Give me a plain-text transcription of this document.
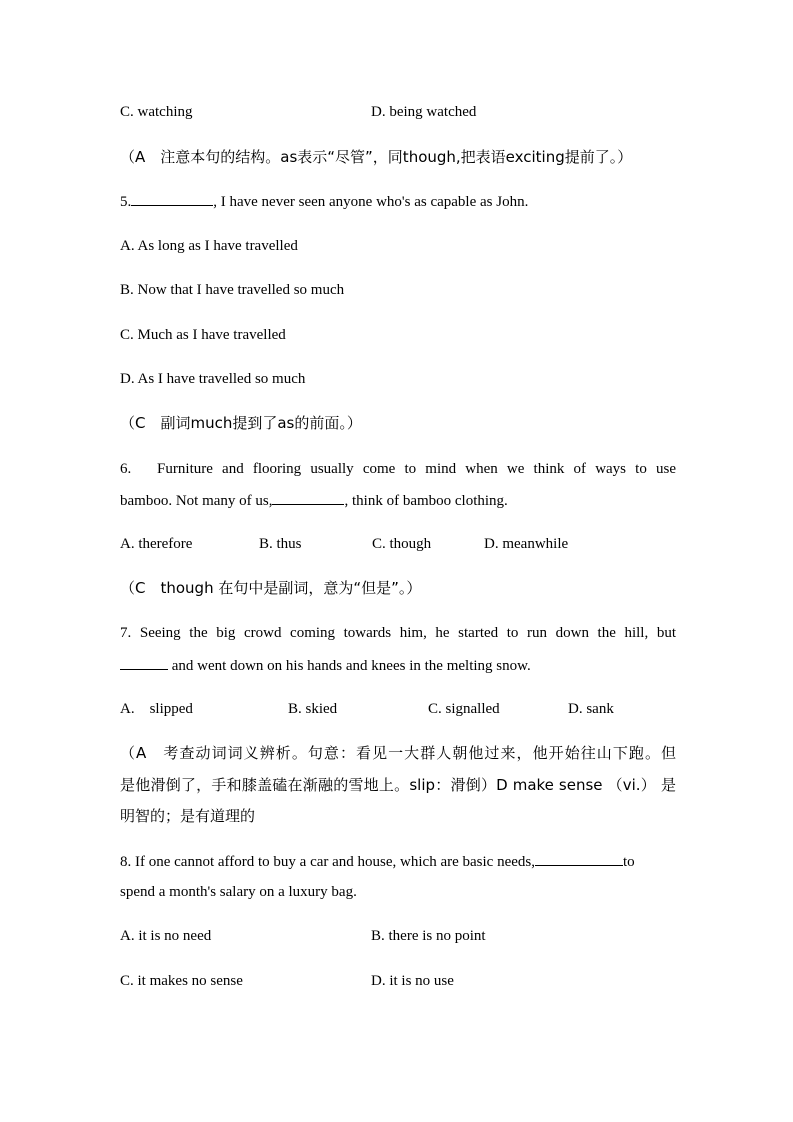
C. watching	D. being watched
（A　注意本句的结构。as表示“尽管”，同though,把表语exciting提前了。）
5.	, I have never seen anyone who's as capable as John.
A. As long as I have travelled
B. Now that I have travelled so much
C. Much as I have travelled
D. As I have travelled so much
（C　副词much提到了as的前面。）
6.　Furniture and flooring usually come to mind when we think of ways to use
bamboo. Not many of us,	, think of bamboo clothing.
A. therefore	B. thus	C. though	D. meanwhile
（C　though 在句中是副词，意为“但是”。）
7. Seeing the big crowd coming towards him, he started to run down the hill, but
and went down on his hands and knees in the melting snow.
A.　slipped	B. skied	C. signalled	D. sank
（A　考查动词词义辨析。句意：看见一大群人朝他过来，他开始往山下跑。但
是他滑倒了，手和膝盖磕在渐融的雪地上。slip：滑倒）D make sense （vi.） 是
明智的；是有道理的
8. If one cannot afford to buy a car and house, which are basic needs,	to
spend a month's salary on a luxury bag.
A. it is no need	B. there is no point
C. it makes no sense	D. it is no use
